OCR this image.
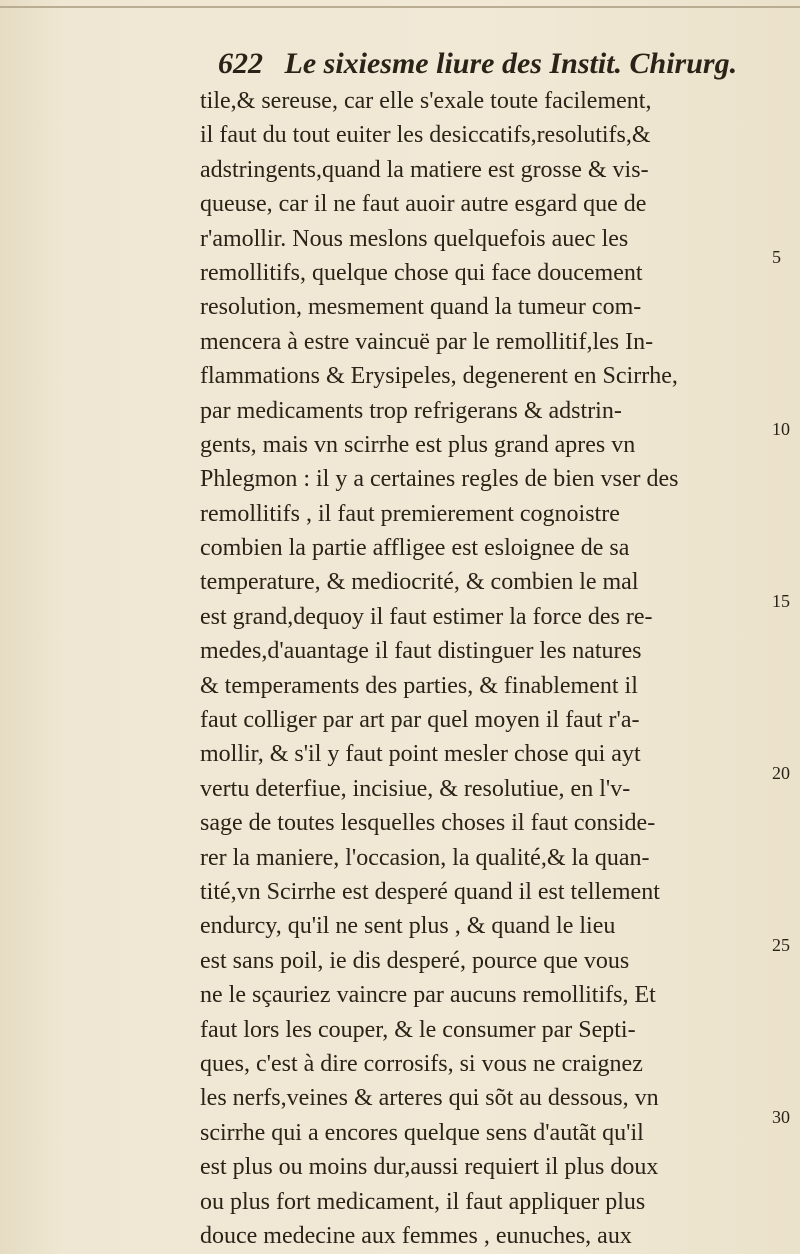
622 Le sixiesme liure des Instit. Chirurg.
tile,& sereuse, car elle s'exale toute facilement,
il faut du tout euiter les desiccatifs,resolutifs,&
adstringents,quand la matiere est grosse & vis-
queuse, car il ne faut auoir autre esgard que de
r'amollir. Nous meslons quelquefois auec les
remollitifs, quelque chose qui face doucement
resolution, mesmement quand la tumeur com-
mencera à estre vaincuë par le remollitif,les In-
flammations & Erysipeles, degenerent en Scirrhe,
par medicaments trop refrigerans & adstrin-
gents, mais vn scirrhe est plus grand apres vn
Phlegmon : il y a certaines regles de bien vser des
remollitifs , il faut premierement cognoistre
combien la partie affligee est esloignee de sa
temperature, & mediocrité, & combien le mal
est grand,dequoy il faut estimer la force des re-
medes,d'auantage il faut distinguer les natures
& temperaments des parties, & finablement il
faut colliger par art par quel moyen il faut r'a-
mollir, & s'il y faut point mesler chose qui ayt
vertu deterfiue, incisiue, & resolutiue, en l'v-
sage de toutes lesquelles choses il faut conside-
rer la maniere, l'occasion, la qualité,& la quan-
tité,vn Scirrhe est desperé quand il est tellement
endurcy, qu'il ne sent plus , & quand le lieu
est sans poil, ie dis desperé, pource que vous
ne le sçauriez vaincre par aucuns remollitifs, Et
faut lors les couper, & le consumer par Septi-
ques, c'est à dire corrosifs, si vous ne craignez
les nerfs,veines & arteres qui sõt au dessous, vn
scirrhe qui a encores quelque sens d'autãt qu'il
est plus ou moins dur,aussi requiert il plus doux
ou plus fort medicament, il faut appliquer plus
douce medecine aux femmes , eunuches, aux
5
10
15
20
25
30
